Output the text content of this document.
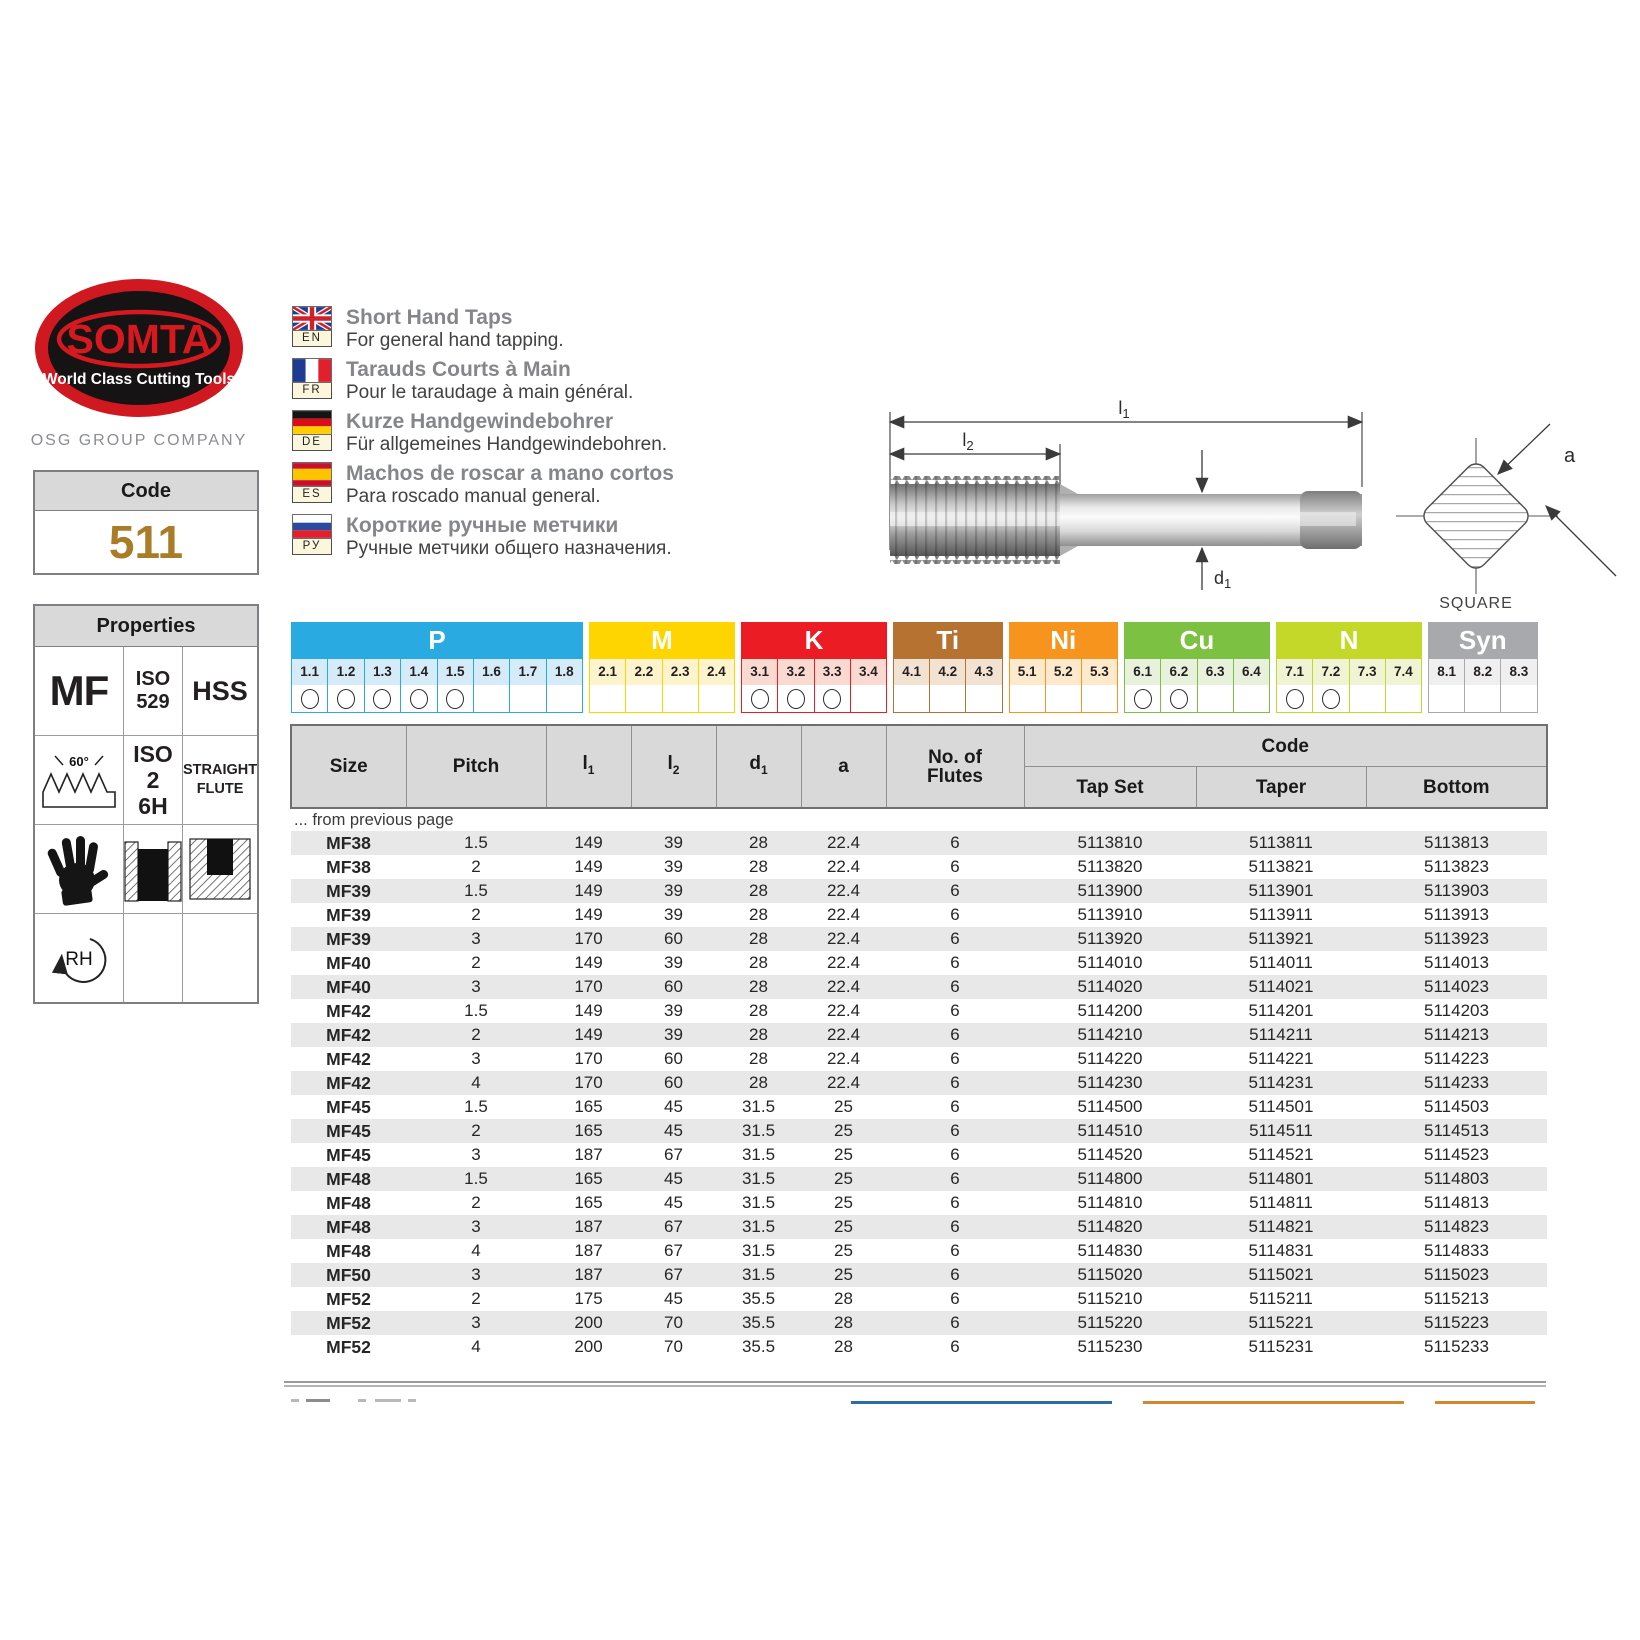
SOMTA
World Class Cutting Tools
OSG GROUP COMPANY
Code
511
Properties
MF ISO
529 HSS
60°	ISO 2
6H
STRAIGHT
FLUTE
RH
EN
Short Hand Taps
For general hand tapping.
FR
Tarauds Courts à Main
Pour le taraudage à main général.
DE
Kurze Handgewindebohrer
Für allgemeines Handgewindebohren.
ES
Machos de roscar a mano cortos
Para roscado manual general.
РУ
Короткие ручные метчики
Ручные метчики общего назначения.
$l_1$
$l_2$
$d_1$
a
SQUARE
P
1.1	1.2	1.3	1.4	1.5	1.6	1.7	1.8
M
2.1	2.2	2.3	2.4
K
3.1	3.2	3.3	3.4
Ti
4.1	4.2	4.3
Ni
5.1	5.2	5.3
Cu
6.1	6.2	6.3	6.4
N
7.1	7.2	7.3	7.4
Syn
8.1	8.2	8.3
Size	Pitch	$l_1$	$l_2$	$d_1$	a	No. of
Flutes	Code		
							Tap Set	Taper	Bottom
... from previous page									
MF38	1.5	149	39	28	22.4	6	5113810	5113811	5113813
MF38	2	149	39	28	22.4	6	5113820	5113821	5113823
MF39	1.5	149	39	28	22.4	6	5113900	5113901	5113903
MF39	2	149	39	28	22.4	6	5113910	5113911	5113913
MF39	3	170	60	28	22.4	6	5113920	5113921	5113923
MF40	2	149	39	28	22.4	6	5114010	5114011	5114013
MF40	3	170	60	28	22.4	6	5114020	5114021	5114023
MF42	1.5	149	39	28	22.4	6	5114200	5114201	5114203
MF42	2	149	39	28	22.4	6	5114210	5114211	5114213
MF42	3	170	60	28	22.4	6	5114220	5114221	5114223
MF42	4	170	60	28	22.4	6	5114230	5114231	5114233
MF45	1.5	165	45	31.5	25	6	5114500	5114501	5114503
MF45	2	165	45	31.5	25	6	5114510	5114511	5114513
MF45	3	187	67	31.5	25	6	5114520	5114521	5114523
MF48	1.5	165	45	31.5	25	6	5114800	5114801	5114803
MF48	2	165	45	31.5	25	6	5114810	5114811	5114813
MF48	3	187	67	31.5	25	6	5114820	5114821	5114823
MF48	4	187	67	31.5	25	6	5114830	5114831	5114833
MF50	3	187	67	31.5	25	6	5115020	5115021	5115023
MF52	2	175	45	35.5	28	6	5115210	5115211	5115213
MF52	3	200	70	35.5	28	6	5115220	5115221	5115223
MF52	4	200	70	35.5	28	6	5115230	5115231	5115233
